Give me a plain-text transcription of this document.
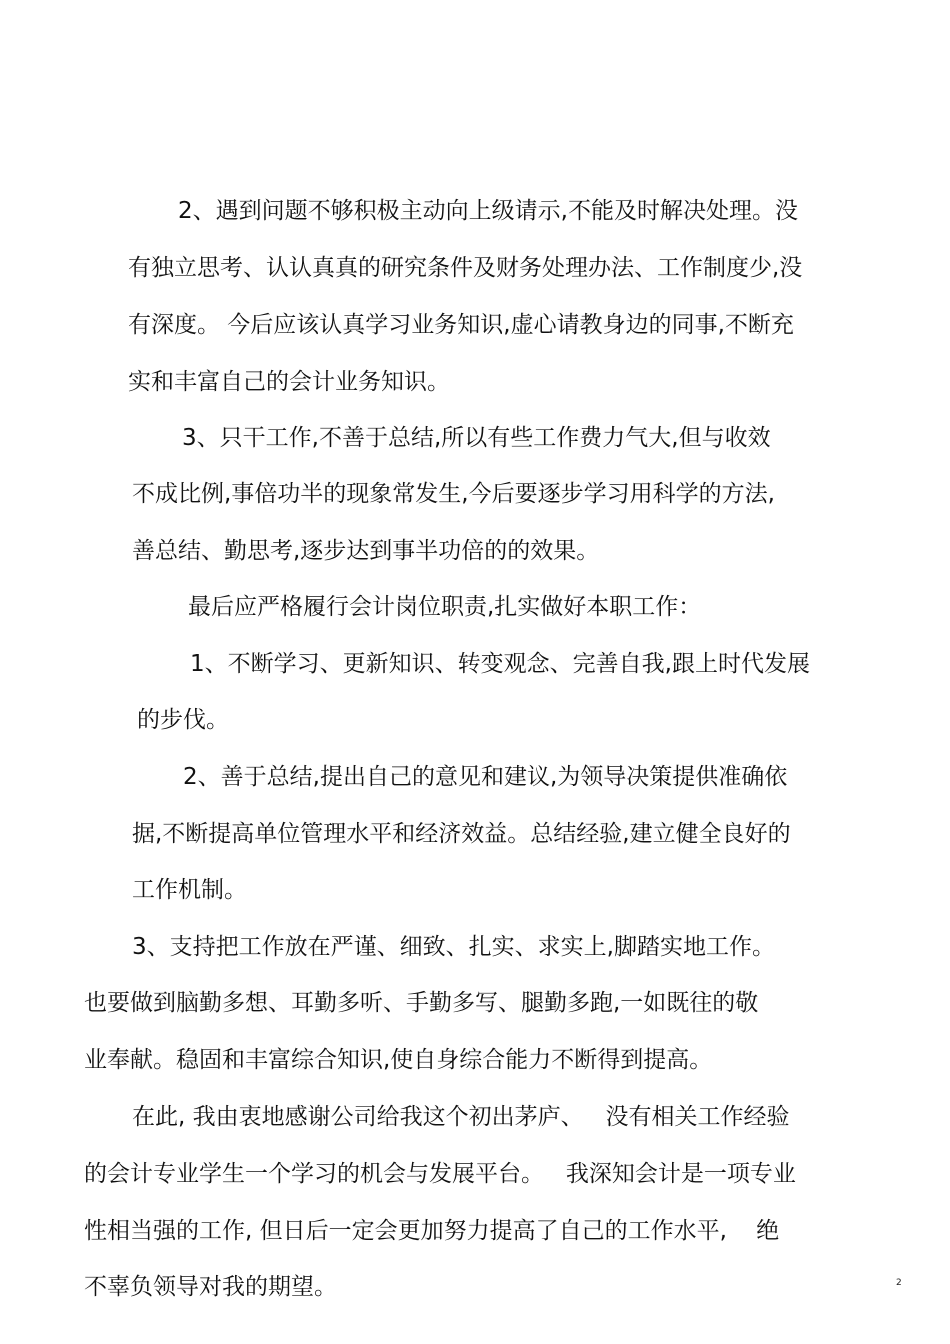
2、遇到问题不够积极主动向上级请示,不能及时解决处理。没
有独立思考、认认真真的研究条件及财务处理办法、工作制度少,没
有深度。 今后应该认真学习业务知识,虚心请教身边的同事,不断充
实和丰富自己的会计业务知识。
3、只干工作,不善于总结,所以有些工作费力气大,但与收效
不成比例,事倍功半的现象常发生,今后要逐步学习用科学的方法,
善总结、勤思考,逐步达到事半功倍的的效果。
最后应严格履行会计岗位职责,扎实做好本职工作：
1、不断学习、更新知识、转变观念、完善自我,跟上时代发展
的步伐。
2、善于总结,提出自己的意见和建议,为领导决策提供准确依
据,不断提高单位管理水平和经济效益。总结经验,建立健全良好的
工作机制。
3、支持把工作放在严谨、细致、扎实、求实上,脚踏实地工作。
也要做到脑勤多想、耳勤多听、手勤多写、腿勤多跑,一如既往的敬
业奉献。稳固和丰富综合知识,使自身综合能力不断得到提高。
在此, 我由衷地感谢公司给我这个初出茅庐、   没有相关工作经验
的会计专业学生一个学习的机会与发展平台。   我深知会计是一项专业
性相当强的工作, 但日后一定会更加努力提高了自己的工作水平,    绝
不辜负领导对我的期望。	2
